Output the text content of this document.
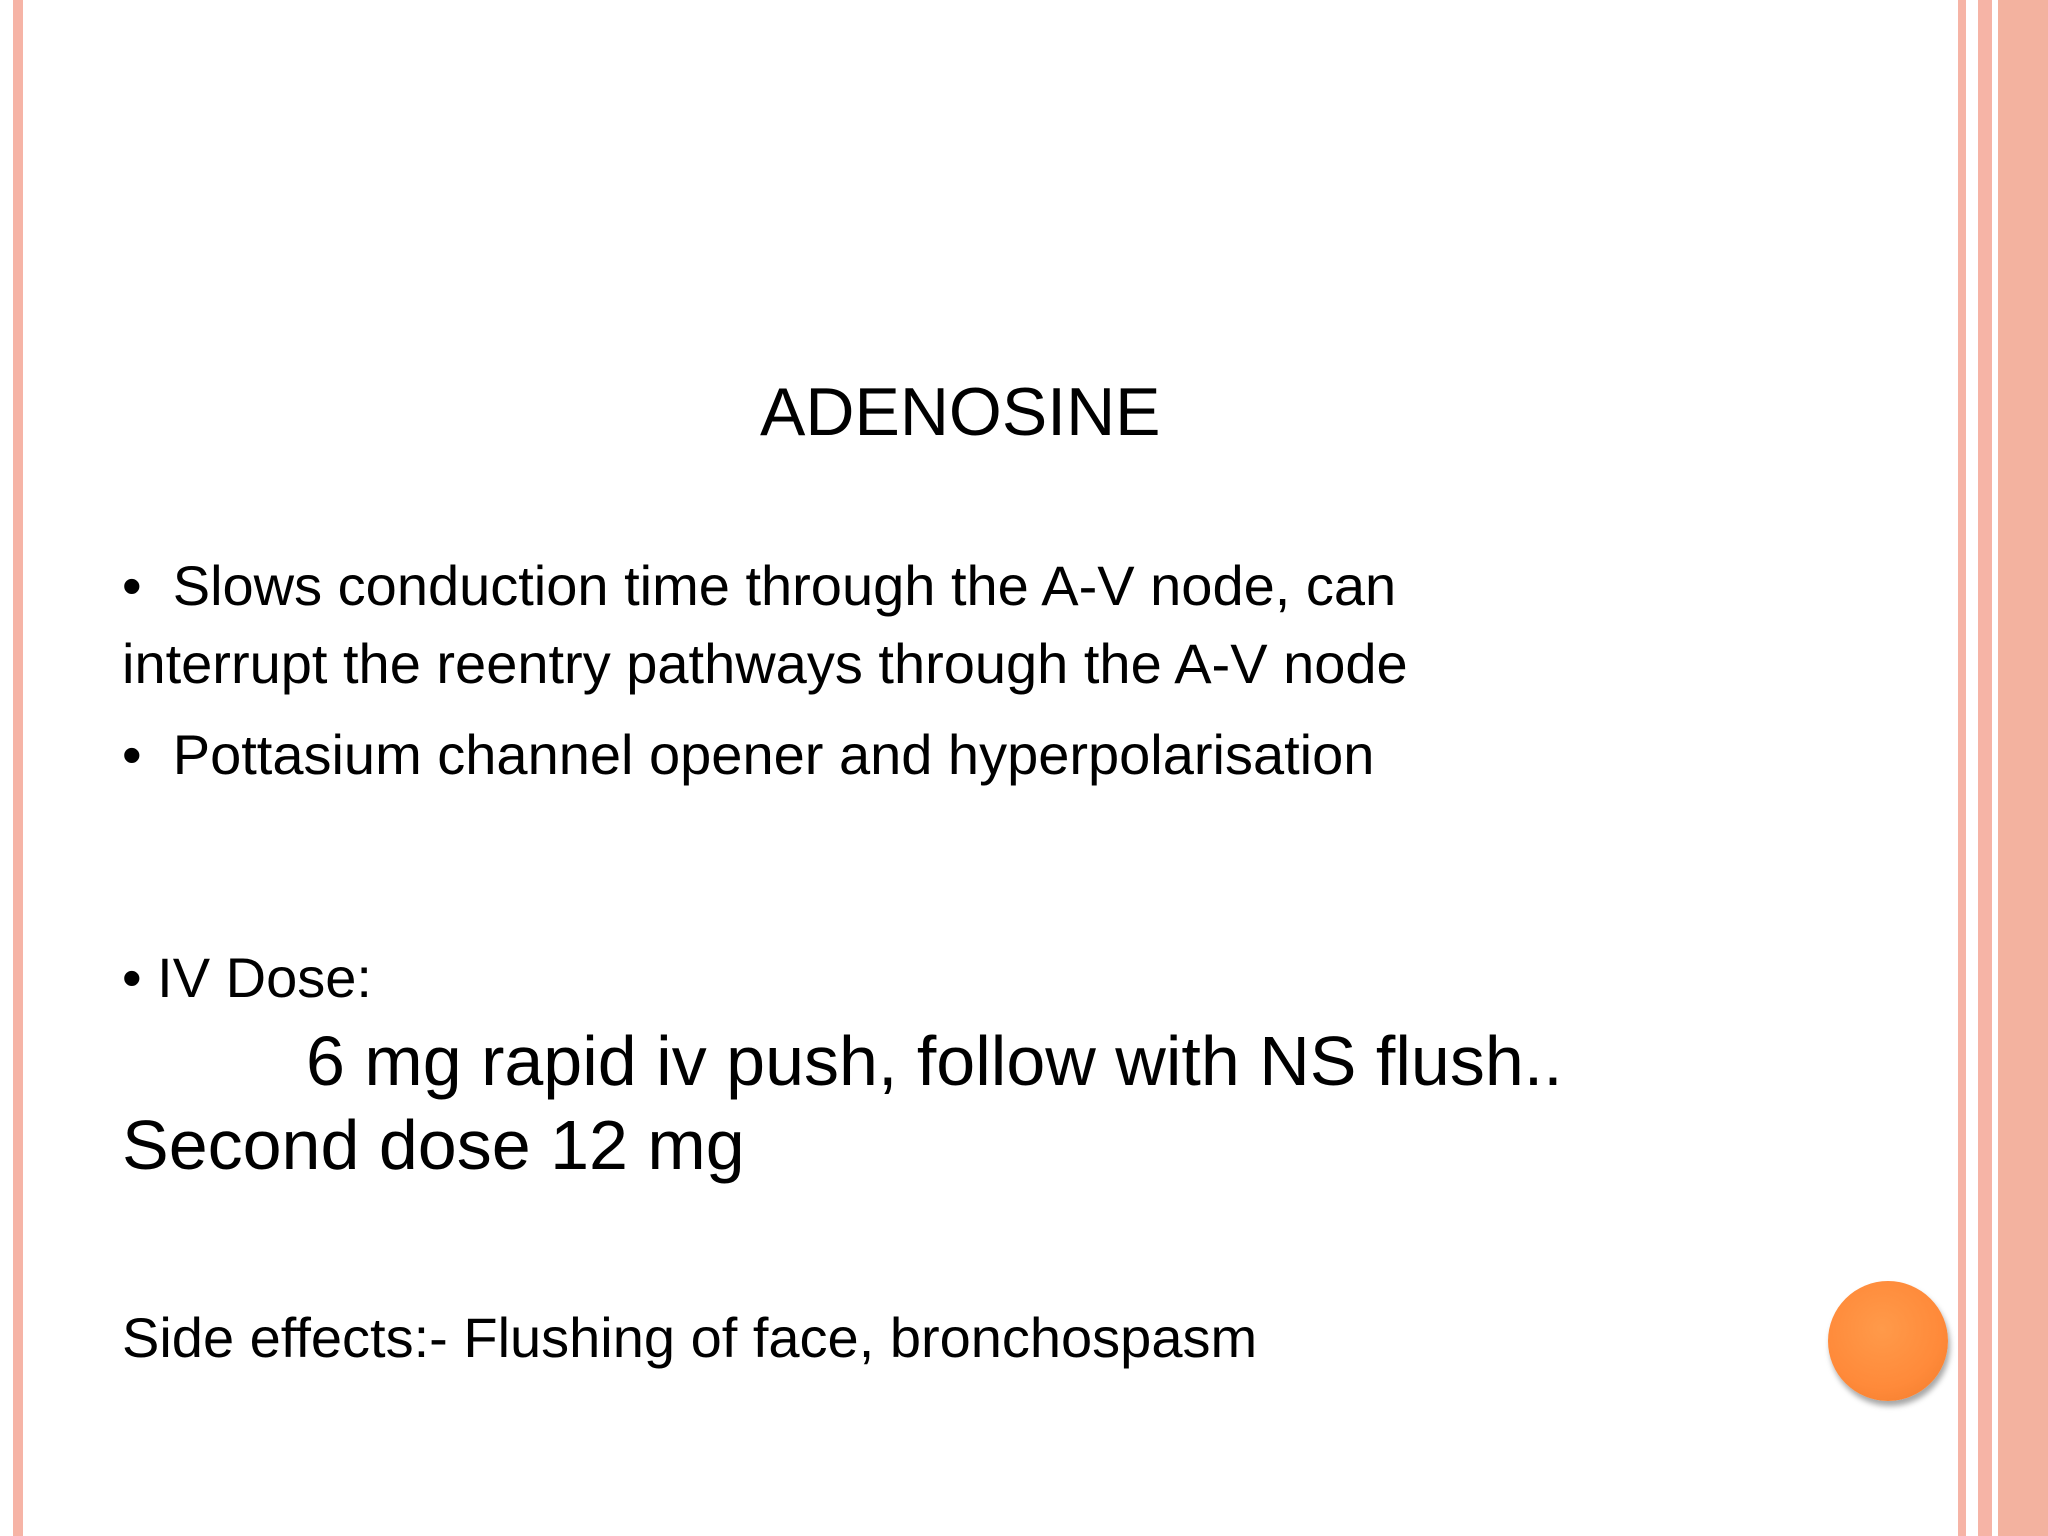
ADENOSINE
• Slows conduction time through the A-V node, can
interrupt the reentry pathways through the A-V node
• Pottasium channel opener and hyperpolarisation
• IV Dose:
6 mg rapid iv push, follow with NS flush..
Second dose 12 mg
Side effects:- Flushing of face, bronchospasm
